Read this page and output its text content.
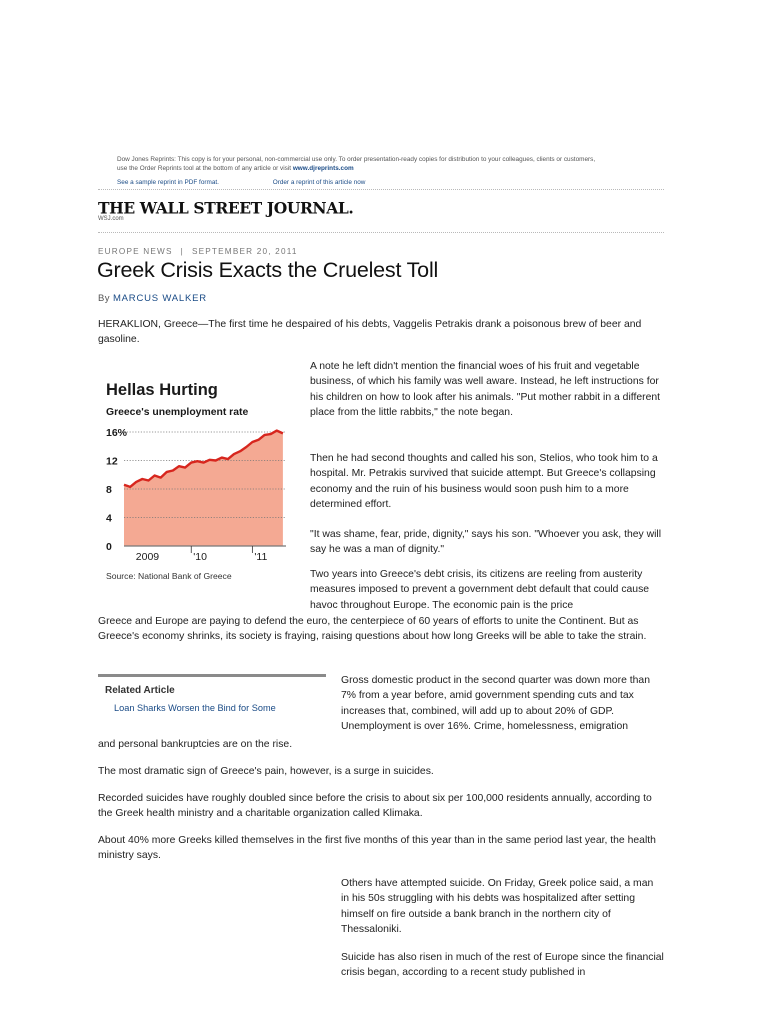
Dow Jones Reprints: This copy is for your personal, non-commercial use only. To order presentation-ready copies for distribution to your colleagues, clients or customers,
use the Order Reprints tool at the bottom of any article or visit www.djreprints.com
See a sample reprint in PDF format.	Order a reprint of this article now
THE WALL STREET JOURNAL.
WSJ.com
EUROPE NEWS | SEPTEMBER 20, 2011
Greek Crisis Exacts the Cruelest Toll
By MARCUS WALKER
HERAKLION, Greece—The first time he despaired of his debts, Vaggelis Petrakis drank a poisonous brew of beer and gasoline.
Hellas Hurting
Greece's unemployment rate
0
4
8
12
16%
2009	'10	'11
Source: National Bank of Greece
A note he left didn't mention the financial woes of his fruit and vegetable business, of which his family was well aware. Instead, he left instructions for his children on how to look after his animals. "Put mother rabbit in a different place from the little rabbits," the note began.
Then he had second thoughts and called his son, Stelios, who took him to a hospital. Mr. Petrakis survived that suicide attempt. But Greece's collapsing economy and the ruin of his business would soon push him to a more determined effort.
"It was shame, fear, pride, dignity," says his son. "Whoever you ask, they will say he was a man of dignity."
Two years into Greece's debt crisis, its citizens are reeling from austerity measures imposed to prevent a government debt default that could cause havoc throughout Europe. The economic pain is the price
Greece and Europe are paying to defend the euro, the centerpiece of 60 years of efforts to unite the Continent. But as Greece's economy shrinks, its society is fraying, raising questions about how long Greeks will be able to take the strain.
Related Article
Loan Sharks Worsen the Bind for Some
Gross domestic product in the second quarter was down more than 7% from a year before, amid government spending cuts and tax increases that, combined, will add up to about 20% of GDP. Unemployment is over 16%. Crime, homelessness, emigration
and personal bankruptcies are on the rise.
The most dramatic sign of Greece's pain, however, is a surge in suicides.
Recorded suicides have roughly doubled since before the crisis to about six per 100,000 residents annually, according to the Greek health ministry and a charitable organization called Klimaka.
About 40% more Greeks killed themselves in the first five months of this year than in the same period last year, the health ministry says.
Others have attempted suicide. On Friday, Greek police said, a man in his 50s struggling with his debts was hospitalized after setting himself on fire outside a bank branch in the northern city of Thessaloniki.
Suicide has also risen in much of the rest of Europe since the financial crisis began, according to a recent study published in
